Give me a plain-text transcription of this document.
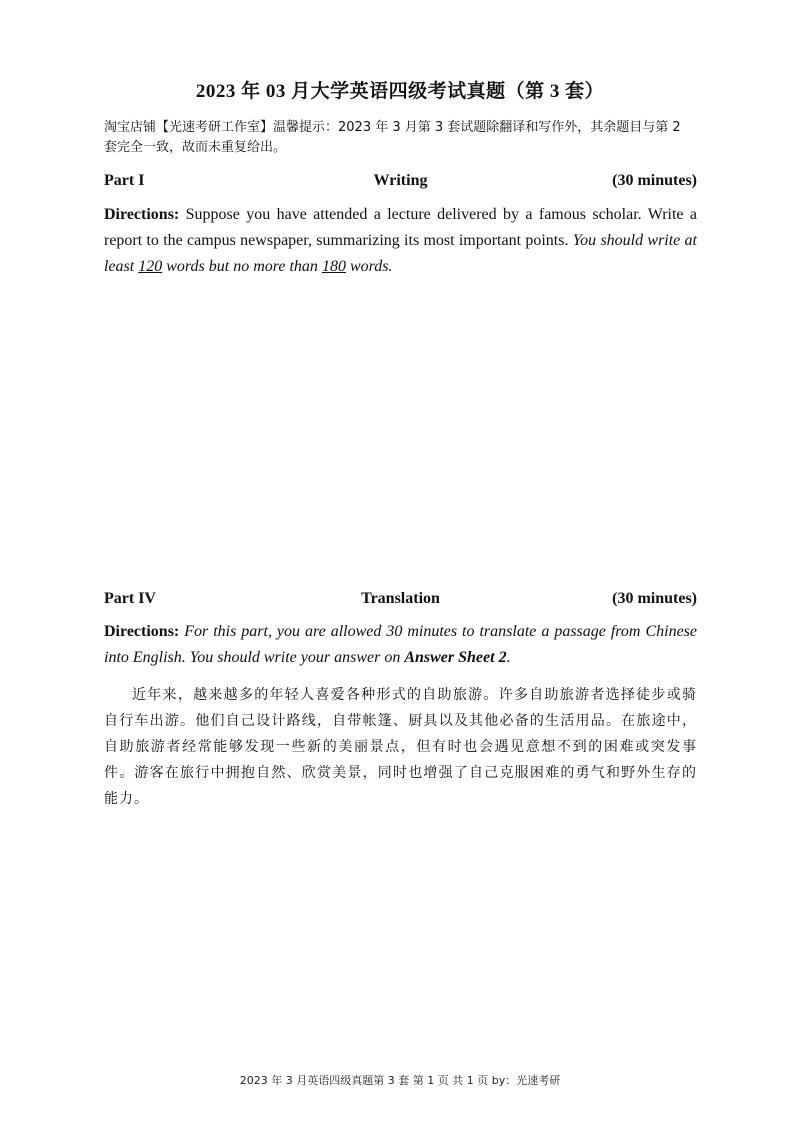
2023 年 03 月大学英语四级考试真题（第 3 套）
淘宝店铺【光速考研工作室】温馨提示：2023 年 3 月第 3 套试题除翻译和写作外，其余题目与第 2 套完全一致，故而未重复给出。
Writing
Part I	(30 minutes)
Directions: Suppose you have attended a lecture delivered by a famous scholar. Write a report to the campus newspaper, summarizing its most important points. You should write at least 120 words but no more than 180 words.
Translation
Part IV	(30 minutes)
Directions: For this part, you are allowed 30 minutes to translate a passage from Chinese into English. You should write your answer on Answer Sheet 2.
近年来，越来越多的年轻人喜爱各种形式的自助旅游。许多自助旅游者选择徒步或骑自行车出游。他们自己设计路线，自带帐篷、厨具以及其他必备的生活用品。在旅途中，自助旅游者经常能够发现一些新的美丽景点，但有时也会遇见意想不到的困难或突发事件。游客在旅行中拥抱自然、欣赏美景，同时也增强了自己克服困难的勇气和野外生存的能力。
2023 年 3 月英语四级真题第 3 套 第 1 页 共 1 页 by：光速考研
